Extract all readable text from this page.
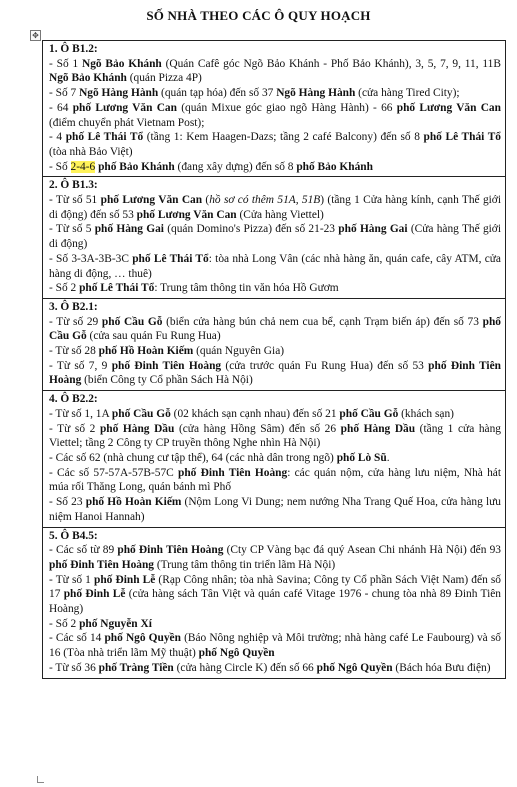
SỐ NHÀ THEO CÁC Ô QUY HOẠCH
✥

1. Ô B1.2:

- Số 1 Ngõ Bảo Khánh (Quán Cafê góc Ngõ Bảo Khánh - Phố Bảo Khánh), 3, 5, 7, 9, 11, 11B Ngõ Bảo Khánh (quán Pizza 4P)

- Số 7 Ngõ Hàng Hành (quán tạp hóa) đến số 37 Ngõ Hàng Hành (cửa hàng Tired City);

- 64 phố Lương Văn Can (quán Mixue góc giao ngõ Hàng Hành) - 66 phố Lương Văn Can (điểm chuyển phát Vietnam Post);

- 4 phố Lê Thái Tổ (tầng 1: Kem Haagen-Dazs; tầng 2 café Balcony) đến số 8 phố Lê Thái Tổ (tòa nhà Bảo Việt)

- Số 2-4-6 phố Bảo Khánh (đang xây dựng) đến số 8 phố Bảo Khánh

2. Ô B1.3:

- Từ số 51 phố Lương Văn Can (hồ sơ có thêm 51A, 51B) (tầng 1 Cửa hàng kính, cạnh Thế giới di động) đến số 53 phố Lương Văn Can (Cửa hàng Viettel)

- Từ số 5 phố Hàng Gai (quán Domino's Pizza) đến số 21-23 phố Hàng Gai (Cửa hàng Thế giới di động)

- Số 3-3A-3B-3C phố Lê Thái Tổ: tòa nhà Long Vân (các nhà hàng ăn, quán cafe, cây ATM, cửa hàng di động, … thuê)

- Số 2 phố Lê Thái Tổ: Trung tâm thông tin văn hóa Hồ Gươm

3. Ô B2.1:

- Từ số 29 phố Cầu Gỗ (biển cửa hàng bún chả nem cua bể, cạnh Trạm biến áp) đến số 73 phố Cầu Gỗ (cửa sau quán Fu Rung Hua)

- Từ số 28 phố Hồ Hoàn Kiếm (quán Nguyên Gia)

- Từ số 7, 9 phố Đinh Tiên Hoàng (cửa trước quán Fu Rung Hua) đến số 53 phố Đinh Tiên Hoàng (biển Công ty Cổ phần Sách Hà Nội)

4. Ô B2.2:

- Từ số 1, 1A phố Cầu Gỗ (02 khách sạn cạnh nhau) đến số 21 phố Cầu Gỗ (khách sạn)

- Từ số 2 phố Hàng Dầu (cửa hàng Hồng Sâm) đến số 26 phố Hàng Dầu (tầng 1 cửa hàng Viettel; tầng 2 Công ty CP truyền thông Nghe nhìn Hà Nội)

- Các số 62 (nhà chung cư tập thể), 64 (các nhà dân trong ngõ) phố Lò Sũ.

- Các số 57-57A-57B-57C phố Đinh Tiên Hoàng: các quán nộm, cửa hàng lưu niệm, Nhà hát múa rối Thăng Long, quán bánh mì Phố

- Số 23 phố Hồ Hoàn Kiếm (Nộm Long Vi Dung; nem nướng Nha Trang Quế Hoa, cửa hàng lưu niệm Hanoi Hannah)

5. Ô B4.5:

- Các số từ 89 phố Đinh Tiên Hoàng (Cty CP Vàng bạc đá quý Asean Chi nhánh Hà Nội) đến 93 phố Đinh Tiên Hoàng (Trung tâm thông tin triển lãm Hà Nội)

- Từ số 1 phố Đinh Lễ (Rạp Công nhân; tòa nhà Savina; Công ty Cổ phần Sách Việt Nam) đến số 17 phố Đinh Lễ (cửa hàng sách Tân Việt và quán café Vitage 1976 - chung tòa nhà 89 Đinh Tiên Hoàng)

- Số 2 phố Nguyễn Xí

- Các số 14 phố Ngô Quyền (Báo Nông nghiệp và Môi trường; nhà hàng café Le Faubourg) và số 16 (Tòa nhà triển lãm Mỹ thuật) phố Ngô Quyền

- Từ số 36 phố Tràng Tiền (cửa hàng Circle K) đến số 66 phố Ngô Quyền (Bách hóa Bưu điện)
